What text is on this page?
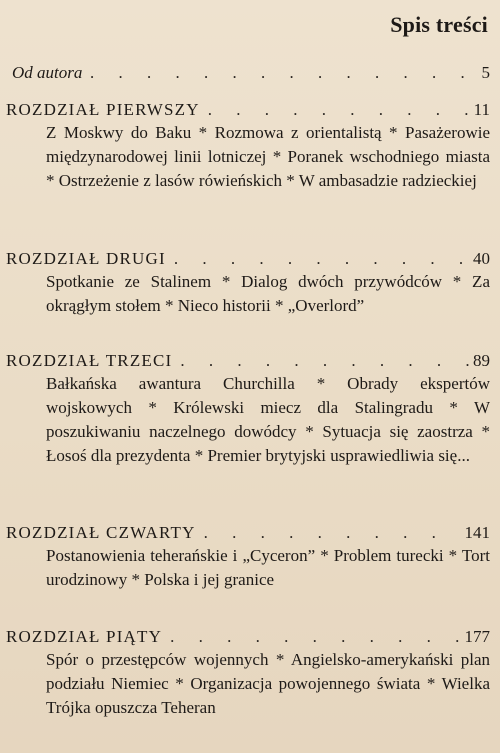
Spis treści
Od autora . . .	5
ROZDZIAŁ PIERWSZY . . .	11
Z Moskwy do Baku * Rozmowa z orientalistą * Pasażerowie międzynarodowej linii lotniczej * Poranek wschodniego miasta * Ostrzeżenie z lasów rówieńskich * W ambasadzie radzieckiej
ROZDZIAŁ DRUGI . . .	40
Spotkanie ze Stalinem * Dialog dwóch przywódców * Za okrągłym stołem * Nieco historii * „Overlord”
ROZDZIAŁ TRZECI . . .	89
Bałkańska awantura Churchilla * Obrady ekspertów wojskowych * Królewski miecz dla Stalingradu * W poszukiwaniu naczelnego dowódcy * Sytuacja się zaostrza * Łosoś dla prezydenta * Premier brytyjski usprawiedliwia się...
ROZDZIAŁ CZWARTY . . .	141
Postanowienia teherańskie i „Cyceron” * Problem turecki * Tort urodzinowy * Polska i jej granice
ROZDZIAŁ PIĄTY . . .	177
Spór o przestępców wojennych * Angielsko-amerykański plan podziału Niemiec * Organizacja powojennego świata * Wielka Trójka opuszcza Teheran
